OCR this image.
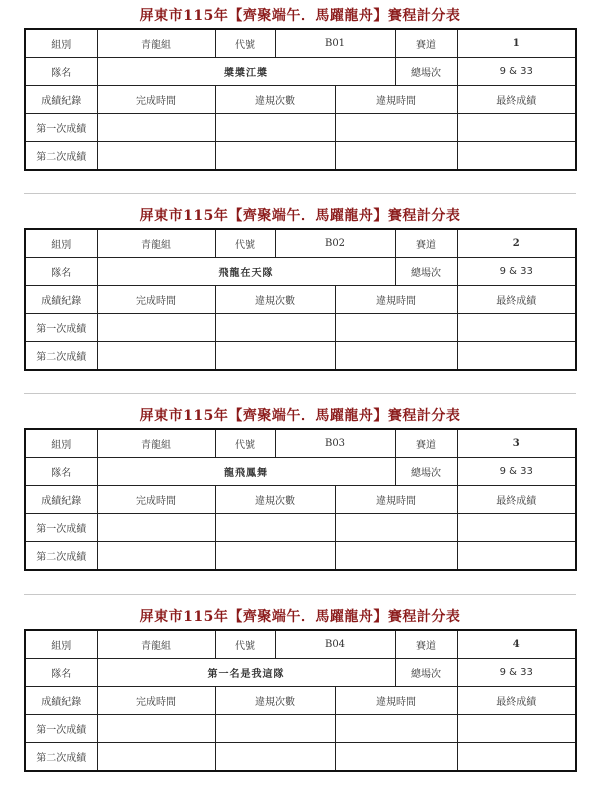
屏東市115年【齊聚端午．馬躍龍舟】賽程計分表
組別	青龍組	代號	B01		賽道	1
隊名	槳槳江槳				總場次	9 & 33
成績紀錄	完成時間	違規次數		違規時間		最終成績
第一次成績						
第二次成績						
屏東市115年【齊聚端午．馬躍龍舟】賽程計分表
組別	青龍組	代號	B02		賽道	2
隊名	飛龍在天隊				總場次	9 & 33
成績紀錄	完成時間	違規次數		違規時間		最終成績
第一次成績						
第二次成績						
屏東市115年【齊聚端午．馬躍龍舟】賽程計分表
組別	青龍組	代號	B03		賽道	3
隊名	龍飛鳳舞				總場次	9 & 33
成績紀錄	完成時間	違規次數		違規時間		最終成績
第一次成績						
第二次成績						
屏東市115年【齊聚端午．馬躍龍舟】賽程計分表
組別	青龍組	代號	B04		賽道	4
隊名	第一名是我這隊				總場次	9 & 33
成績紀錄	完成時間	違規次數		違規時間		最終成績
第一次成績						
第二次成績						
